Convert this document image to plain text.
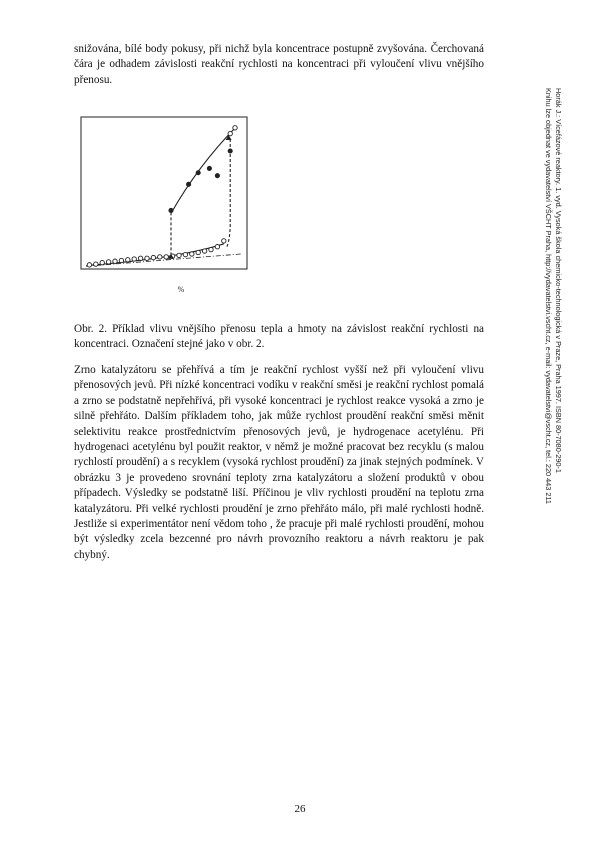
snižována, bílé body pokusy, při nichž byla koncentrace postupně zvyšována. Čerchovaná čára je odhadem závislosti reakční rychlosti na koncentraci při vyloučení vlivu vnějšího přenosu.

%

Obr. 2. Příklad vlivu vnějšího přenosu tepla a hmoty na závislost reakční rychlosti na koncentraci. Označení stejné jako v obr. 2.

Zrno katalyzátoru se přehřívá a tím je reakční rychlost vyšší než při vyloučení vlivu přenosových jevů. Při nízké koncentraci vodíku v reakční směsi je reakční rychlost pomalá a zrno se podstatně nepřehřívá, při vysoké koncentraci je rychlost reakce vysoká a zrno je silně přehřáto. Dalším příkladem toho, jak může rychlost proudění reakční směsi měnit selektivitu reakce prostřednictvím přenosových jevů, je hydrogenace acetylénu. Při hydrogenaci acetylénu byl použit reaktor, v němž je možné pracovat bez recyklu (s malou rychlostí proudění) a s recyklem (vysoká rychlost proudění) za jinak stejných podmínek. V obrázku 3 je provedeno srovnání teploty zrna katalyzátoru a složení produktů v obou případech. Výsledky se podstatně liší. Příčinou je vliv rychlosti proudění na teplotu zrna katalyzátoru. Při velké rychlosti proudění je zrno přehřáto málo, při malé rychlosti hodně. Jestliže si experimentátor není vědom toho , že pracuje při malé rychlosti proudění, mohou být výsledky zcela bezcenné pro návrh provozního reaktoru a návrh reaktoru je pak chybný.

26
Horák J.: Vícefázové reaktory. 1. vyd. Vysoká škola chemicko-technologická v Praze, Praha 1997. ISBN 80-7080-290-1
Knihu lze objednat ve vydavatelství VŠCHT Praha, http://vydavatelstvi.vscht.cz, e-mail: vydavatelstvi@vscht.cz, tel.: 220 443 211
